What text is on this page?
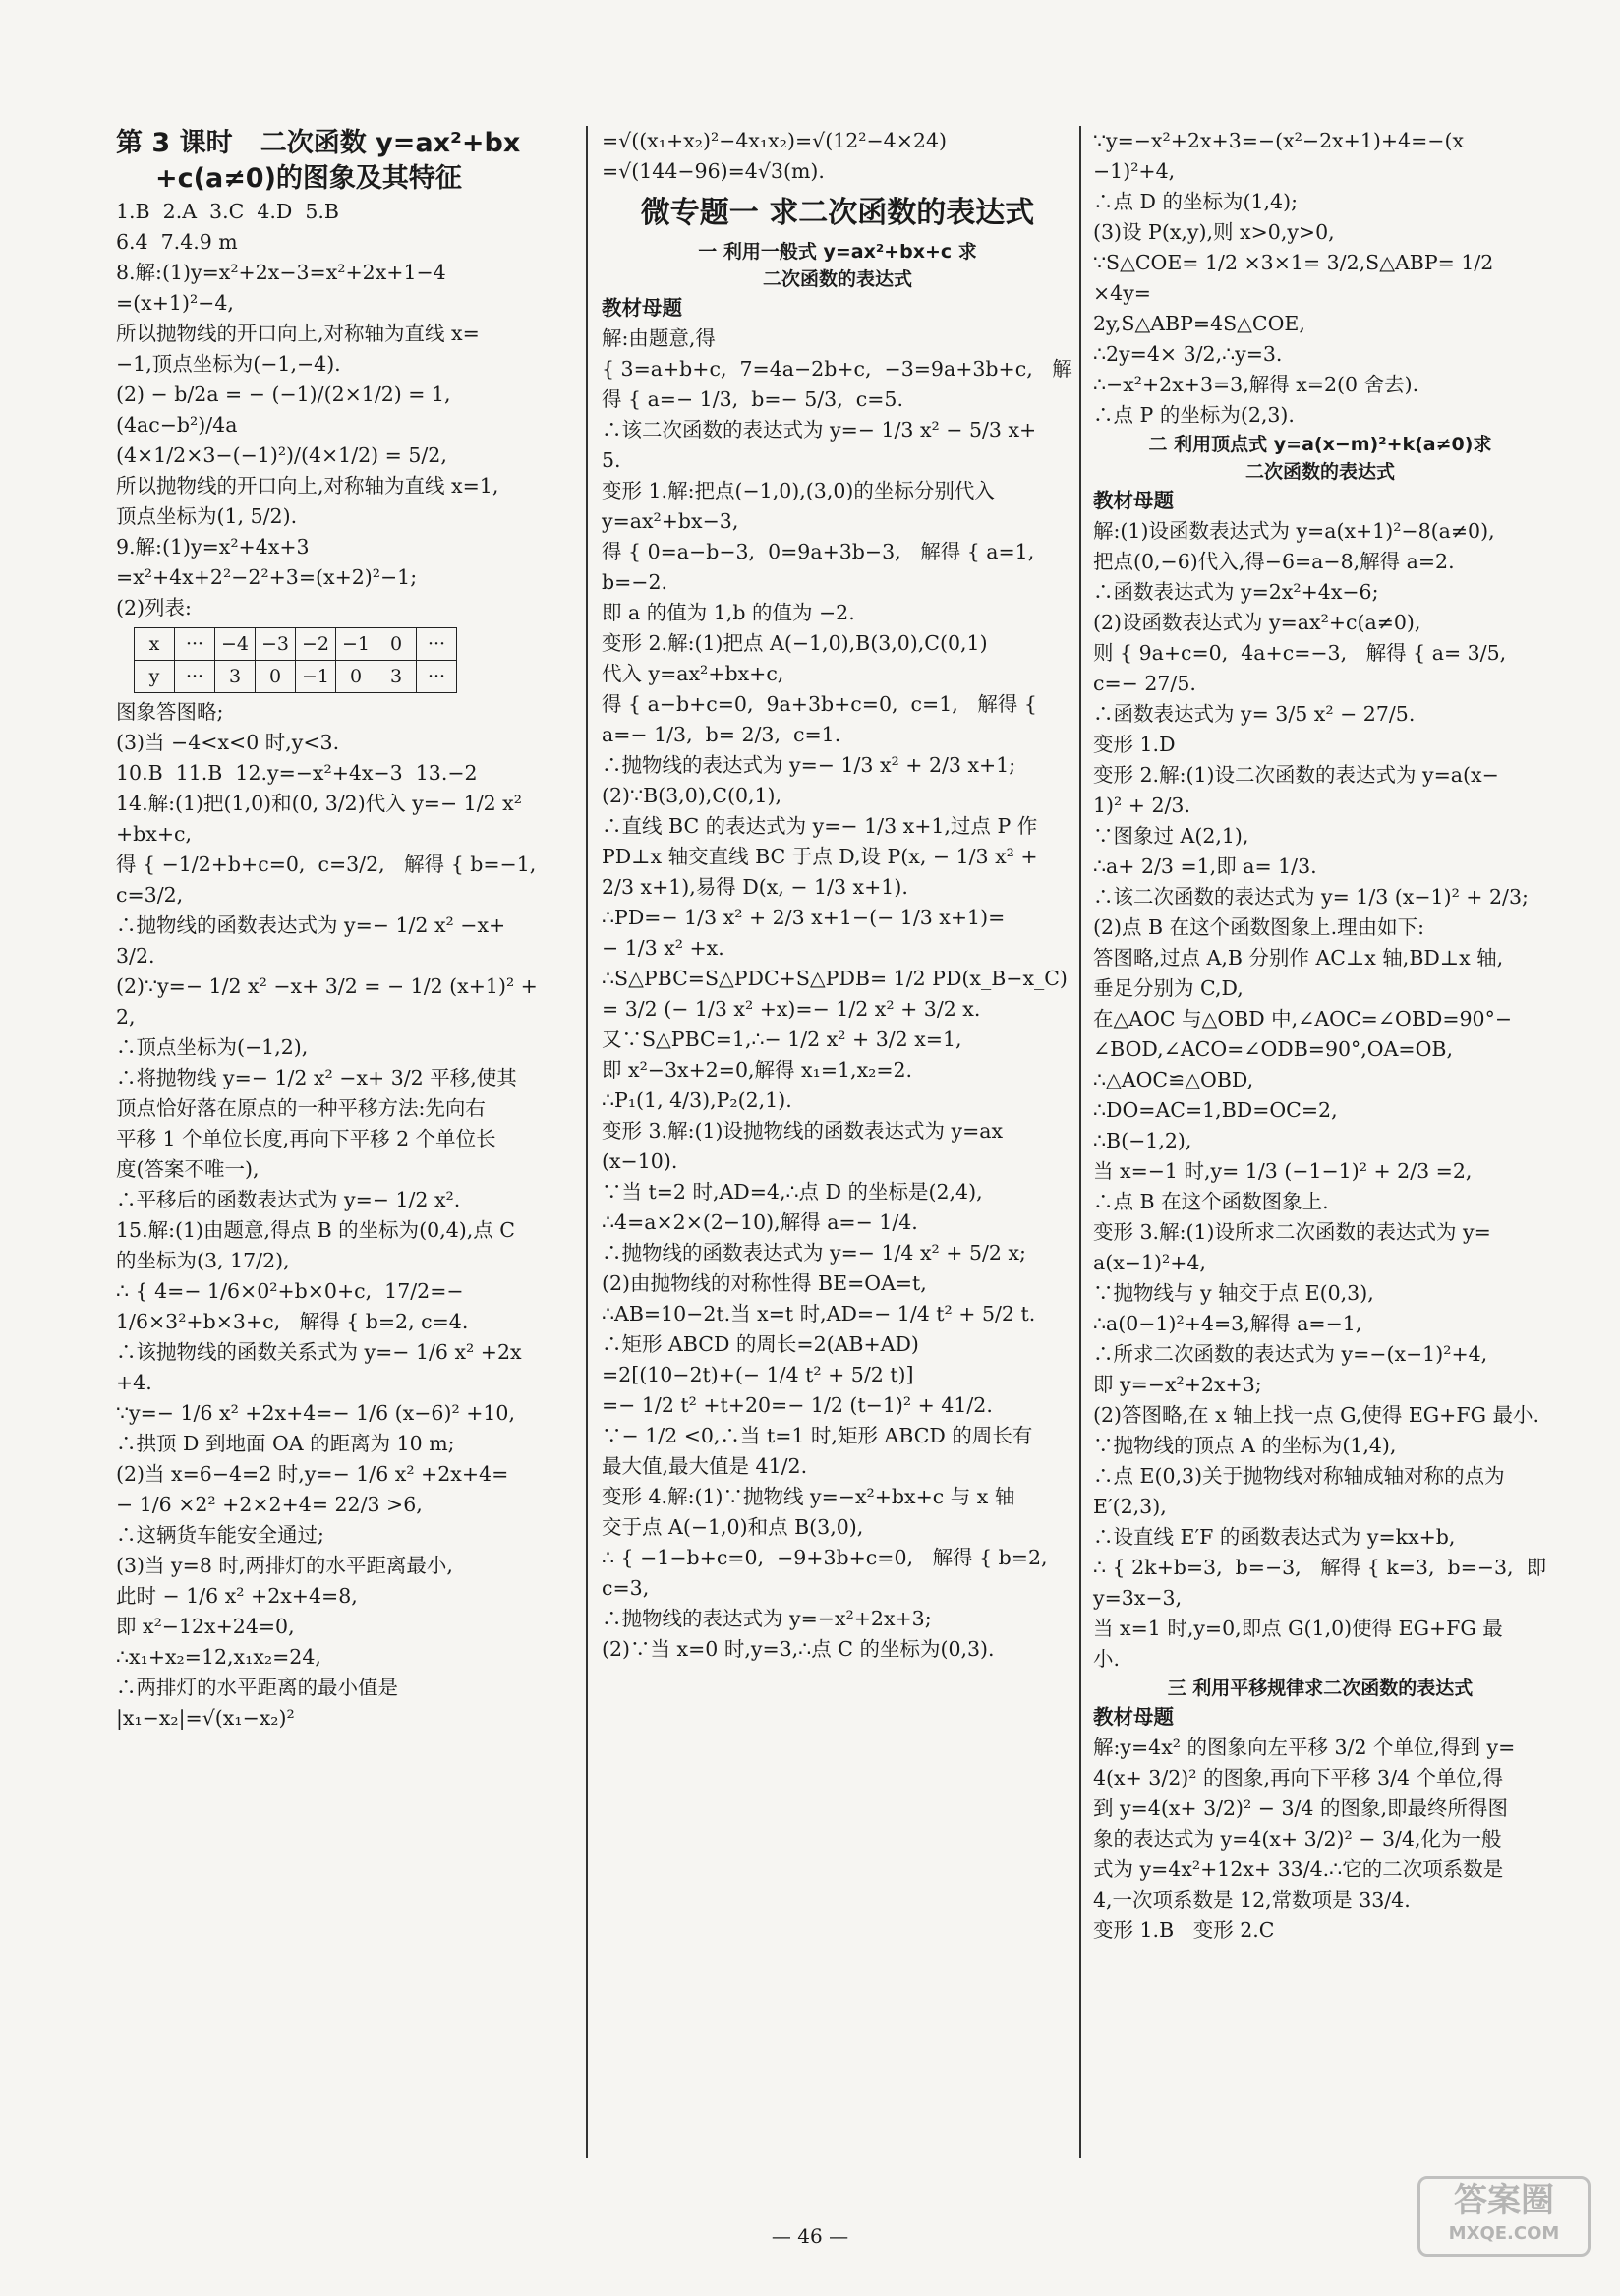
第 3 课时   二次函数 y=ax²+bx
+c(a≠0)的图象及其特征
1.B  2.A  3.C  4.D  5.B
6.4  7.4.9 m
8.解:(1)y=x²+2x−3=x²+2x+1−4
=(x+1)²−4,
所以抛物线的开口向上,对称轴为直线 x=
−1,顶点坐标为(−1,−4).
(2) − b/2a = − (−1)/(2×1/2) = 1,  (4ac−b²)/4a
(4×1/2×3−(−1)²)/(4×1/2) = 5/2,
所以抛物线的开口向上,对称轴为直线 x=1,
顶点坐标为(1, 5/2).
9.解:(1)y=x²+4x+3
=x²+4x+2²−2²+3=(x+2)²−1;
(2)列表:
x	···	−4	−3	−2	−1	0	···
y	···	3	0	−1	0	3	···
图象答图略;
(3)当 −4<x<0 时,y<3.
10.B  11.B  12.y=−x²+4x−3  13.−2
14.解:(1)把(1,0)和(0, 3/2)代入 y=− 1/2 x²
+bx+c,
得 { −1/2+b+c=0,  c=3/2,   解得 { b=−1,  c=3/2,
∴抛物线的函数表达式为 y=− 1/2 x² −x+
3/2.
(2)∵y=− 1/2 x² −x+ 3/2 = − 1/2 (x+1)² +
2,
∴顶点坐标为(−1,2),
∴将抛物线 y=− 1/2 x² −x+ 3/2 平移,使其
顶点恰好落在原点的一种平移方法:先向右
平移 1 个单位长度,再向下平移 2 个单位长
度(答案不唯一),
∴平移后的函数表达式为 y=− 1/2 x².
15.解:(1)由题意,得点 B 的坐标为(0,4),点 C
的坐标为(3, 17/2),
∴ { 4=− 1/6×0²+b×0+c,  17/2=− 1/6×3²+b×3+c,   解得 { b=2, c=4.
∴该抛物线的函数关系式为 y=− 1/6 x² +2x
+4.
∵y=− 1/6 x² +2x+4=− 1/6 (x−6)² +10,
∴拱顶 D 到地面 OA 的距离为 10 m;
(2)当 x=6−4=2 时,y=− 1/6 x² +2x+4=
− 1/6 ×2² +2×2+4= 22/3 >6,
∴这辆货车能安全通过;
(3)当 y=8 时,两排灯的水平距离最小,
此时 − 1/6 x² +2x+4=8,
即 x²−12x+24=0,
∴x₁+x₂=12,x₁x₂=24,
∴两排灯的水平距离的最小值是
|x₁−x₂|=√(x₁−x₂)²
=√((x₁+x₂)²−4x₁x₂)=√(12²−4×24)
=√(144−96)=4√3(m).
微专题一 求二次函数的表达式
一 利用一般式 y=ax²+bx+c 求
二次函数的表达式
教材母题
解:由题意,得
{ 3=a+b+c,  7=4a−2b+c,  −3=9a+3b+c,   解得 { a=− 1/3,  b=− 5/3,  c=5.
∴该二次函数的表达式为 y=− 1/3 x² − 5/3 x+
5.
变形 1.解:把点(−1,0),(3,0)的坐标分别代入
y=ax²+bx−3,
得 { 0=a−b−3,  0=9a+3b−3,   解得 { a=1,  b=−2.
即 a 的值为 1,b 的值为 −2.
变形 2.解:(1)把点 A(−1,0),B(3,0),C(0,1)
代入 y=ax²+bx+c,
得 { a−b+c=0,  9a+3b+c=0,  c=1,   解得 { a=− 1/3,  b= 2/3,  c=1.
∴抛物线的表达式为 y=− 1/3 x² + 2/3 x+1;
(2)∵B(3,0),C(0,1),
∴直线 BC 的表达式为 y=− 1/3 x+1,过点 P 作
PD⊥x 轴交直线 BC 于点 D,设 P(x, − 1/3 x² +
2/3 x+1),易得 D(x, − 1/3 x+1).
∴PD=− 1/3 x² + 2/3 x+1−(− 1/3 x+1)=
− 1/3 x² +x.
∴S△PBC=S△PDC+S△PDB= 1/2 PD(x_B−x_C)
= 3/2 (− 1/3 x² +x)=− 1/2 x² + 3/2 x.
又∵S△PBC=1,∴− 1/2 x² + 3/2 x=1,
即 x²−3x+2=0,解得 x₁=1,x₂=2.
∴P₁(1, 4/3),P₂(2,1).
变形 3.解:(1)设抛物线的函数表达式为 y=ax
(x−10).
∵当 t=2 时,AD=4,∴点 D 的坐标是(2,4),
∴4=a×2×(2−10),解得 a=− 1/4.
∴抛物线的函数表达式为 y=− 1/4 x² + 5/2 x;
(2)由抛物线的对称性得 BE=OA=t,
∴AB=10−2t.当 x=t 时,AD=− 1/4 t² + 5/2 t.
∴矩形 ABCD 的周长=2(AB+AD)
=2[(10−2t)+(− 1/4 t² + 5/2 t)]
=− 1/2 t² +t+20=− 1/2 (t−1)² + 41/2.
∵− 1/2 <0,∴当 t=1 时,矩形 ABCD 的周长有
最大值,最大值是 41/2.
变形 4.解:(1)∵抛物线 y=−x²+bx+c 与 x 轴
交于点 A(−1,0)和点 B(3,0),
∴ { −1−b+c=0,  −9+3b+c=0,   解得 { b=2,  c=3,
∴抛物线的表达式为 y=−x²+2x+3;
(2)∵当 x=0 时,y=3,∴点 C 的坐标为(0,3).
∵y=−x²+2x+3=−(x²−2x+1)+4=−(x
−1)²+4,
∴点 D 的坐标为(1,4);
(3)设 P(x,y),则 x>0,y>0,
∵S△COE= 1/2 ×3×1= 3/2,S△ABP= 1/2 ×4y=
2y,S△ABP=4S△COE,
∴2y=4× 3/2,∴y=3.
∴−x²+2x+3=3,解得 x=2(0 舍去).
∴点 P 的坐标为(2,3).
二 利用顶点式 y=a(x−m)²+k(a≠0)求
二次函数的表达式
教材母题
解:(1)设函数表达式为 y=a(x+1)²−8(a≠0),
把点(0,−6)代入,得−6=a−8,解得 a=2.
∴函数表达式为 y=2x²+4x−6;
(2)设函数表达式为 y=ax²+c(a≠0),
则 { 9a+c=0,  4a+c=−3,   解得 { a= 3/5,  c=− 27/5.
∴函数表达式为 y= 3/5 x² − 27/5.
变形 1.D
变形 2.解:(1)设二次函数的表达式为 y=a(x−
1)² + 2/3.
∵图象过 A(2,1),
∴a+ 2/3 =1,即 a= 1/3.
∴该二次函数的表达式为 y= 1/3 (x−1)² + 2/3;
(2)点 B 在这个函数图象上.理由如下:
答图略,过点 A,B 分别作 AC⊥x 轴,BD⊥x 轴,
垂足分别为 C,D,
在△AOC 与△OBD 中,∠AOC=∠OBD=90°−
∠BOD,∠ACO=∠ODB=90°,OA=OB,
∴△AOC≌△OBD,
∴DO=AC=1,BD=OC=2,
∴B(−1,2),
当 x=−1 时,y= 1/3 (−1−1)² + 2/3 =2,
∴点 B 在这个函数图象上.
变形 3.解:(1)设所求二次函数的表达式为 y=
a(x−1)²+4,
∵抛物线与 y 轴交于点 E(0,3),
∴a(0−1)²+4=3,解得 a=−1,
∴所求二次函数的表达式为 y=−(x−1)²+4,
即 y=−x²+2x+3;
(2)答图略,在 x 轴上找一点 G,使得 EG+FG 最小.
∵抛物线的顶点 A 的坐标为(1,4),
∴点 E(0,3)关于抛物线对称轴成轴对称的点为
E′(2,3),
∴设直线 E′F 的函数表达式为 y=kx+b,
∴ { 2k+b=3,  b=−3,   解得 { k=3,  b=−3,  即 y=3x−3,
当 x=1 时,y=0,即点 G(1,0)使得 EG+FG 最
小.
三 利用平移规律求二次函数的表达式
教材母题
解:y=4x² 的图象向左平移 3/2 个单位,得到 y=
4(x+ 3/2)² 的图象,再向下平移 3/4 个单位,得
到 y=4(x+ 3/2)² − 3/4 的图象,即最终所得图
象的表达式为 y=4(x+ 3/2)² − 3/4,化为一般
式为 y=4x²+12x+ 33/4.∴它的二次项系数是
4,一次项系数是 12,常数项是 33/4.
变形 1.B   变形 2.C
— 46 —
答案圈
MXQE.COM
